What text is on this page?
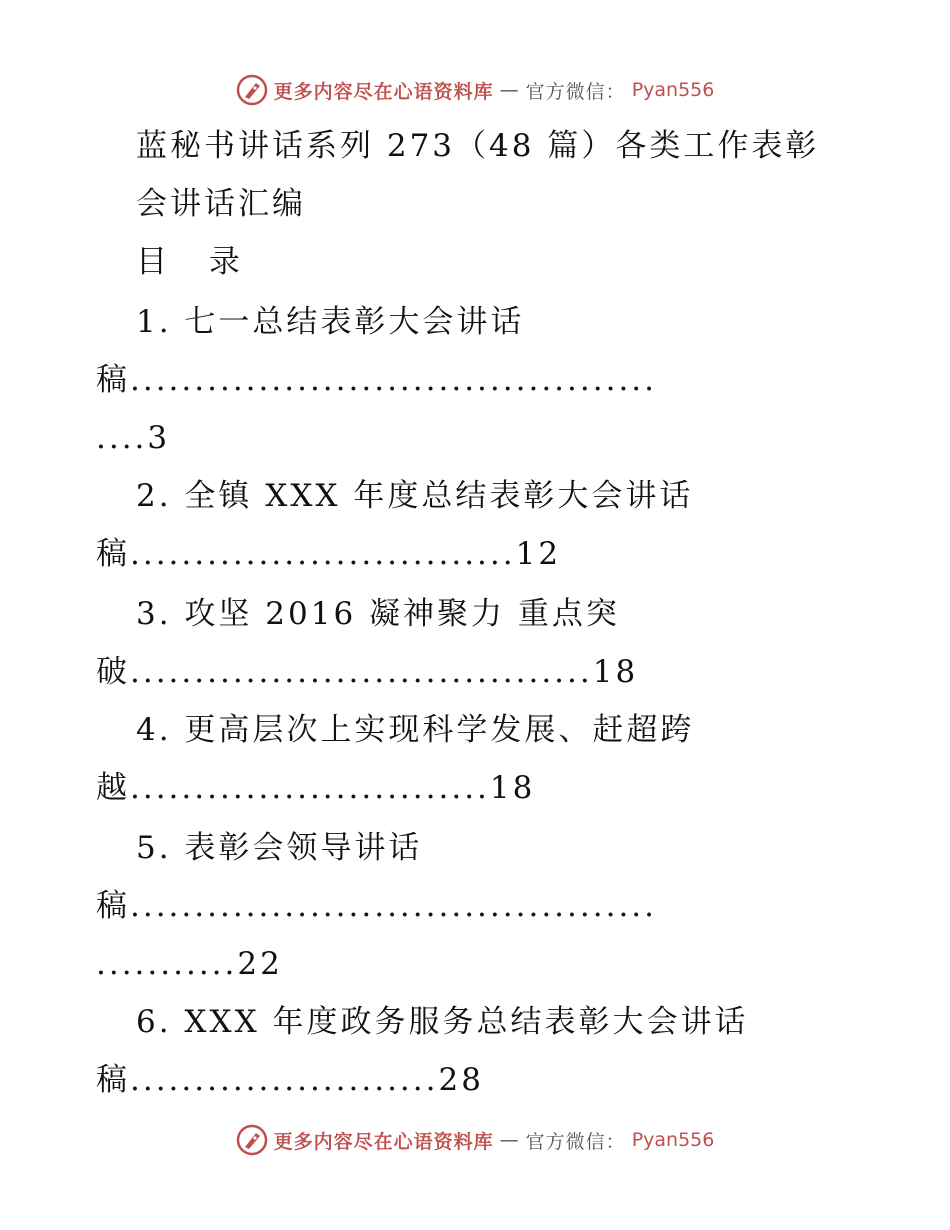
更多内容尽在心语资料库 — 官方微信： Pyan556
蓝秘书讲话系列 273（48 篇）各类工作表彰
会讲话汇编
目 录
1. 七一总结表彰大会讲话
稿.........................................
....3
2. 全镇 XXX 年度总结表彰大会讲话
稿..............................12
3. 攻坚 2016 凝神聚力 重点突
破....................................18
4. 更高层次上实现科学发展、赶超跨
越............................18
5. 表彰会领导讲话
稿.........................................
...........22
6. XXX 年度政务服务总结表彰大会讲话
稿........................28
更多内容尽在心语资料库 — 官方微信： Pyan556
